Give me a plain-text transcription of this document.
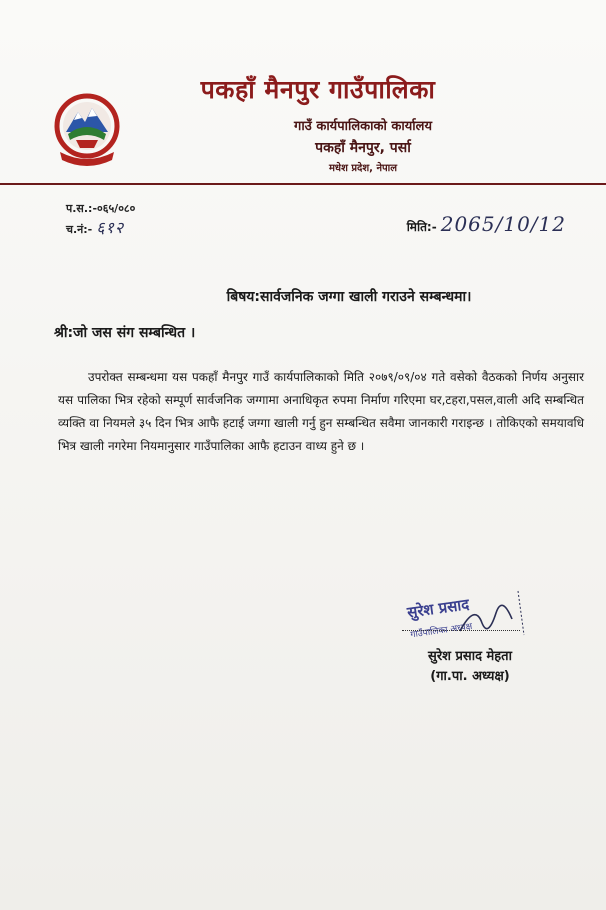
पकहाँ मैनपुर गाउँपालिका
गाउँ कार्यपालिकाको कार्यालय
पकहाँ मैनपुर, पर्सा
मधेश प्रदेश, नेपाल
प.स.:-०६५/०८०
च.नं:- ६१२	मिति:- 2065/10/12
बिषय:सार्वजनिक जग्गा खाली गराउने सम्बन्धमा।
श्री:जो जस संग सम्बन्धित ।

उपरोक्त सम्बन्धमा यस पकहाँ मैनपुर गाउँ कार्यपालिकाको मिति २०७९/०९/०४ गते वसेको वैठकको निर्णय अनुसार यस पालिका भित्र रहेको सम्पूर्ण सार्वजनिक जग्गामा अनाधिकृत रुपमा निर्माण गरिएमा घर,टहरा,पसल,वाली अदि सम्बन्धित व्यक्ति वा नियमले ३५ दिन भित्र आफै हटाई जग्गा खाली गर्नु हुन सम्बन्धित सवैमा जानकारी गराइन्छ । तोकिएको समयावधि भित्र खाली नगरेमा नियमानुसार गाउँपालिका आफै हटाउन वाध्य हुने छ ।

सुरेश प्रसाद
गाउँपालिका अध्यक्ष
सुरेश प्रसाद मेहता
(गा.पा. अध्यक्ष)
